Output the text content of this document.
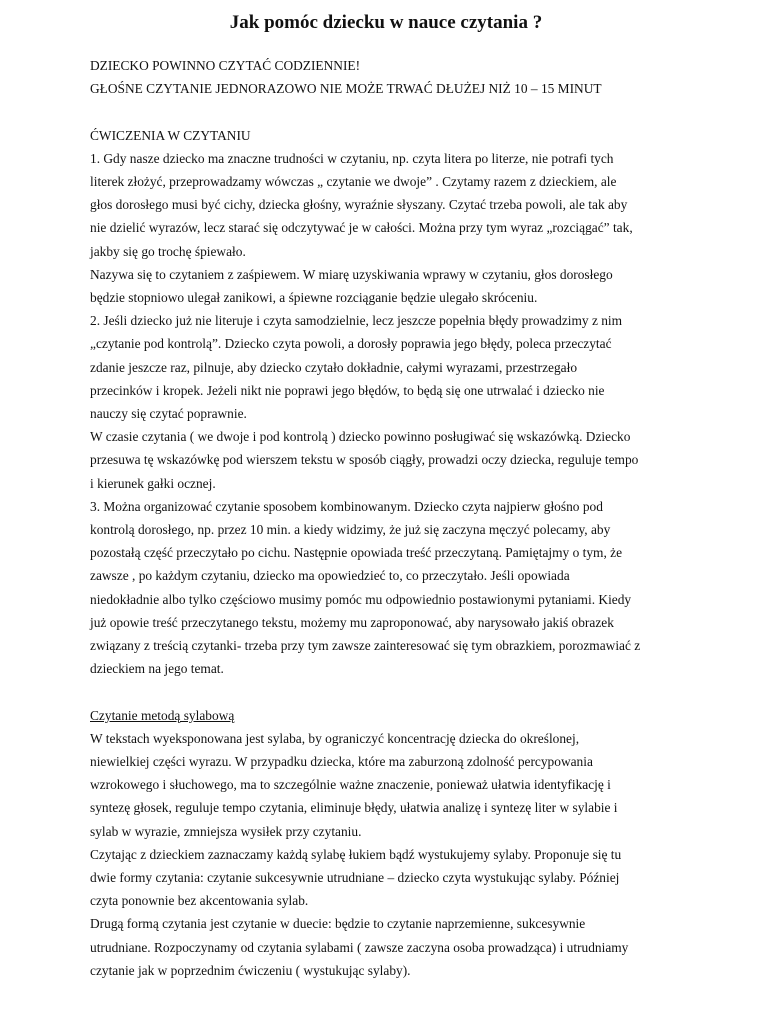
Jak pomóc dziecku w nauce czytania ?

DZIECKO POWINNO CZYTAĆ CODZIENNIE!

GŁOŚNE CZYTANIE JEDNORAZOWO NIE MOŻE TRWAĆ DŁUŻEJ NIŻ 10 – 15 MINUT

ĆWICZENIA W CZYTANIU

1. Gdy nasze dziecko ma znaczne trudności w czytaniu, np. czyta litera po literze, nie potrafi tych

literek złożyć, przeprowadzamy wówczas „ czytanie we dwoje” . Czytamy razem z dzieckiem, ale

głos dorosłego musi być cichy, dziecka głośny, wyraźnie słyszany. Czytać trzeba powoli, ale tak aby

nie dzielić wyrazów, lecz starać się odczytywać je w całości. Można przy tym wyraz „rozciągać” tak,

jakby się go trochę śpiewało.

Nazywa się to czytaniem z zaśpiewem. W miarę uzyskiwania wprawy w czytaniu, głos dorosłego

będzie stopniowo ulegał zanikowi, a śpiewne rozciąganie będzie ulegało skróceniu.

2. Jeśli dziecko już nie literuje i czyta samodzielnie, lecz jeszcze popełnia błędy prowadzimy z nim

„czytanie pod kontrolą”. Dziecko czyta powoli, a dorosły poprawia jego błędy, poleca przeczytać

zdanie jeszcze raz, pilnuje, aby dziecko czytało dokładnie, całymi wyrazami, przestrzegało

przecinków i kropek. Jeżeli nikt nie poprawi jego błędów, to będą się one utrwalać i dziecko nie

nauczy się czytać poprawnie.

W czasie czytania ( we dwoje i pod kontrolą ) dziecko powinno posługiwać się wskazówką. Dziecko

przesuwa tę wskazówkę pod wierszem tekstu w sposób ciągły, prowadzi oczy dziecka, reguluje tempo

i kierunek gałki ocznej.

3. Można organizować czytanie sposobem kombinowanym. Dziecko czyta najpierw głośno pod

kontrolą dorosłego, np. przez 10 min. a kiedy widzimy, że już się zaczyna męczyć polecamy, aby

pozostałą część przeczytało po cichu. Następnie opowiada treść przeczytaną. Pamiętajmy o tym, że

zawsze , po każdym czytaniu, dziecko ma opowiedzieć to, co przeczytało. Jeśli opowiada

niedokładnie albo tylko częściowo musimy pomóc mu odpowiednio postawionymi pytaniami. Kiedy

już opowie treść przeczytanego tekstu, możemy mu zaproponować, aby narysowało jakiś obrazek

związany z treścią czytanki- trzeba przy tym zawsze zainteresować się tym obrazkiem, porozmawiać z

dzieckiem na jego temat.

Czytanie metodą sylabową

W tekstach wyeksponowana jest sylaba, by ograniczyć koncentrację dziecka do określonej,

niewielkiej części wyrazu. W przypadku dziecka, które ma zaburzoną zdolność percypowania

wzrokowego i słuchowego, ma to szczególnie ważne znaczenie, ponieważ ułatwia identyfikację i

syntezę głosek, reguluje tempo czytania, eliminuje błędy, ułatwia analizę i syntezę liter w sylabie i

sylab w wyrazie, zmniejsza wysiłek przy czytaniu.

Czytając z dzieckiem zaznaczamy każdą sylabę łukiem bądź wystukujemy sylaby. Proponuje się tu

dwie formy czytania: czytanie sukcesywnie utrudniane – dziecko czyta wystukując sylaby. Później

czyta ponownie bez akcentowania sylab.

Drugą formą czytania jest czytanie w duecie: będzie to czytanie naprzemienne, sukcesywnie

utrudniane. Rozpoczynamy od czytania sylabami ( zawsze zaczyna osoba prowadząca) i utrudniamy

czytanie jak w poprzednim ćwiczeniu ( wystukując sylaby).
